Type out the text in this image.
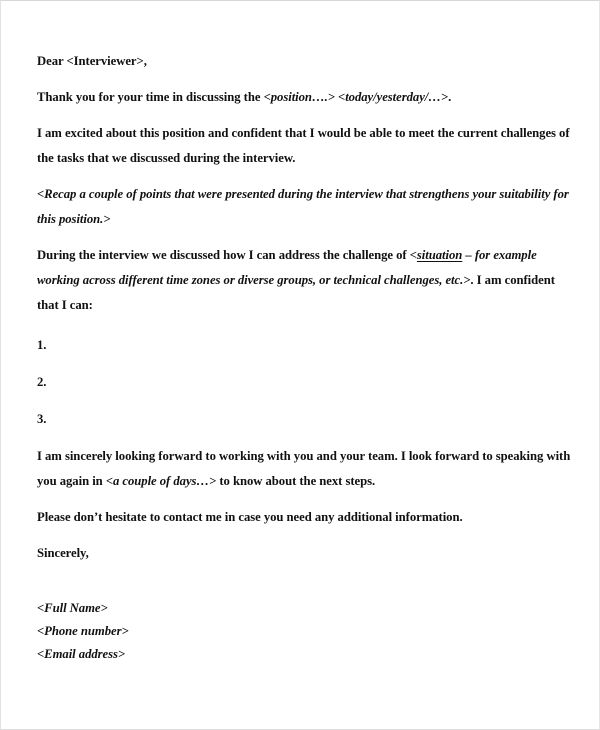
Dear <Interviewer>,

Thank you for your time in discussing the <position….> <today/yesterday/…>.

I am excited about this position and confident that I would be able to meet the current challenges of the tasks that we discussed during the interview.

<Recap a couple of points that were presented during the interview that strengthens your suitability for this position.>

During the interview we discussed how I can address the challenge of <situation – for example working across different time zones or diverse groups, or technical challenges, etc.>. I am confident that I can:

1.
2.
3.

I am sincerely looking forward to working with you and your team. I look forward to speaking with you again in <a couple of days…> to know about the next steps.

Please don’t hesitate to contact me in case you need any additional information.

Sincerely,

<Full Name>

<Phone number>

<Email address>
